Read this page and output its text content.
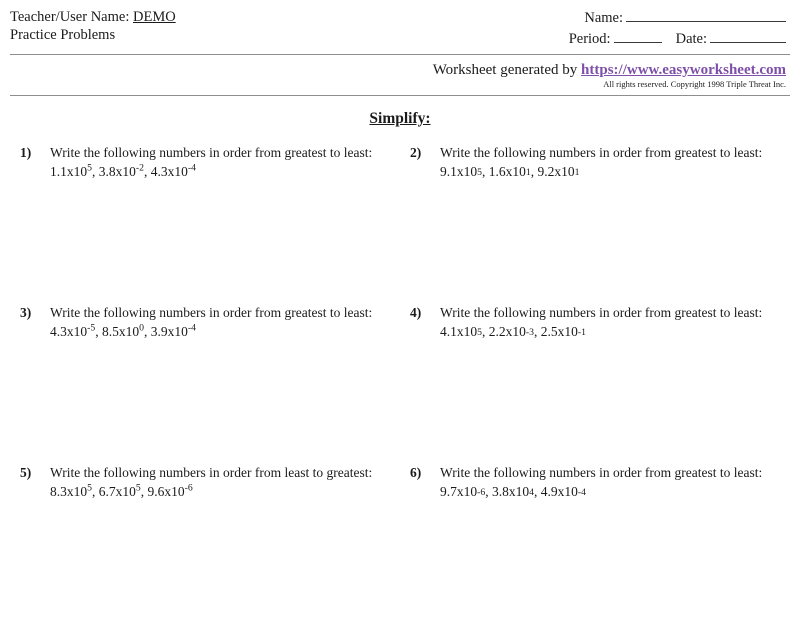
Teacher/User Name: DEMO
Practice Problems
Name:
Period:	Date:
Worksheet generated by https://www.easyworksheet.com
All rights reserved. Copyright 1998 Triple Threat Inc.
Simplify:
1)	Write the following numbers in order from greatest to least:
$1.1x10^5$, $3.8x10^{-2}$, $4.3x10^{-4}$
2)	Write the following numbers in order from greatest to least:
$9.1x10^5$, $1.6x10^1$, $9.2x10^1$
3)	Write the following numbers in order from greatest to least:
$4.3x10^{-5}$, $8.5x10^0$, $3.9x10^{-4}$
4)	Write the following numbers in order from greatest to least:
$4.1x10^5$, $2.2x10^{-3}$, $2.5x10^{-1}$
5)	Write the following numbers in order from least to greatest:
$8.3x10^5$, $6.7x10^5$, $9.6x10^{-6}$
6)	Write the following numbers in order from greatest to least:
$9.7x10^{-6}$, $3.8x10^4$, $4.9x10^{-4}$
